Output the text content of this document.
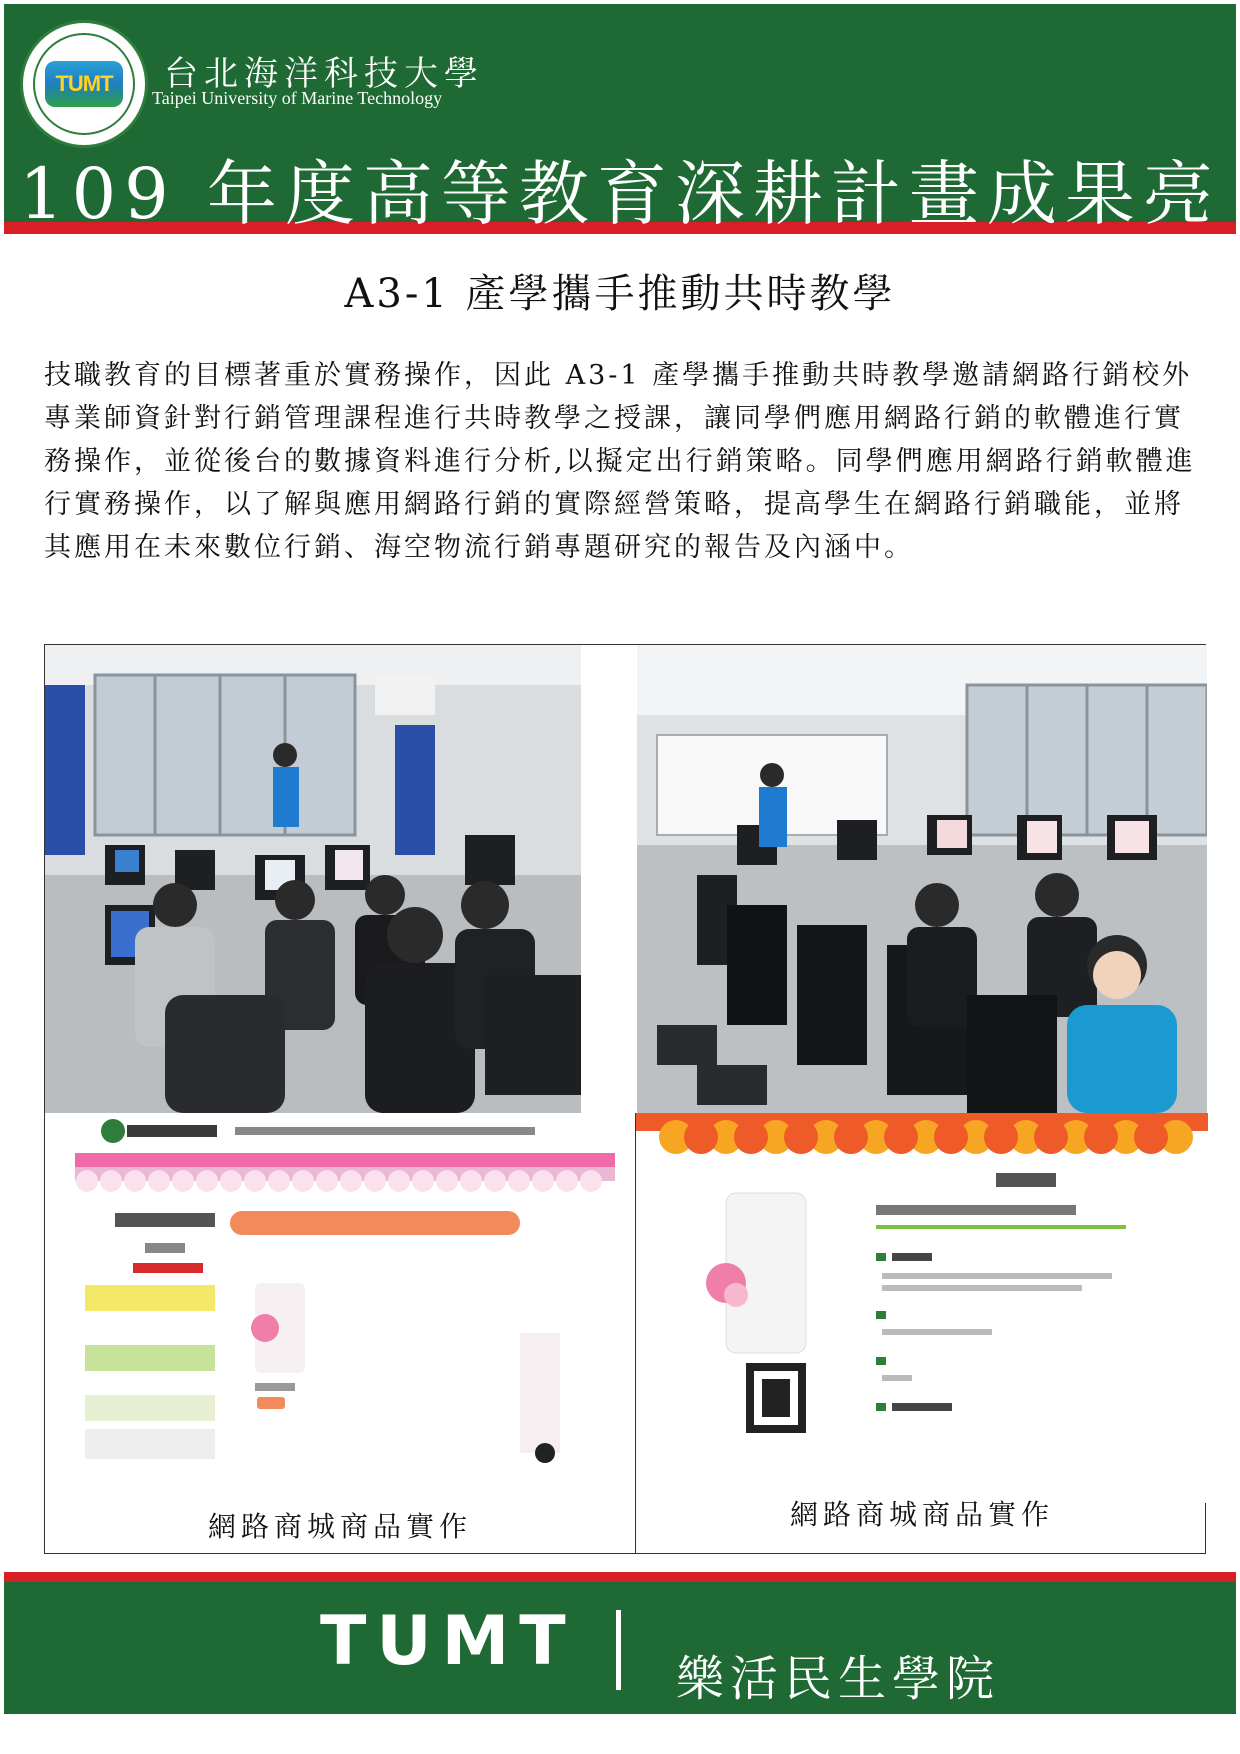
TUMT	台北海洋科技大學
Taipei University of Marine Technology
109 年度高等教育深耕計畫成果亮
A3-1 產學攜手推動共時教學
技職教育的目標著重於實務操作，因此 A3-1 產學攜手推動共時教學邀請網路行銷校外專業師資針對行銷管理課程進行共時教學之授課，讓同學們應用網路行銷的軟體進行實務操作，並從後台的數據資料進行分析,以擬定出行銷策略。同學們應用網路行銷軟體進行實務操作，以了解與應用網路行銷的實際經營策略，提高學生在網路行銷職能，並將其應用在未來數位行銷、海空物流行銷專題研究的報告及內涵中。
網路商城商品實作	網路商城商品實作
TUMT 樂活民生學院
